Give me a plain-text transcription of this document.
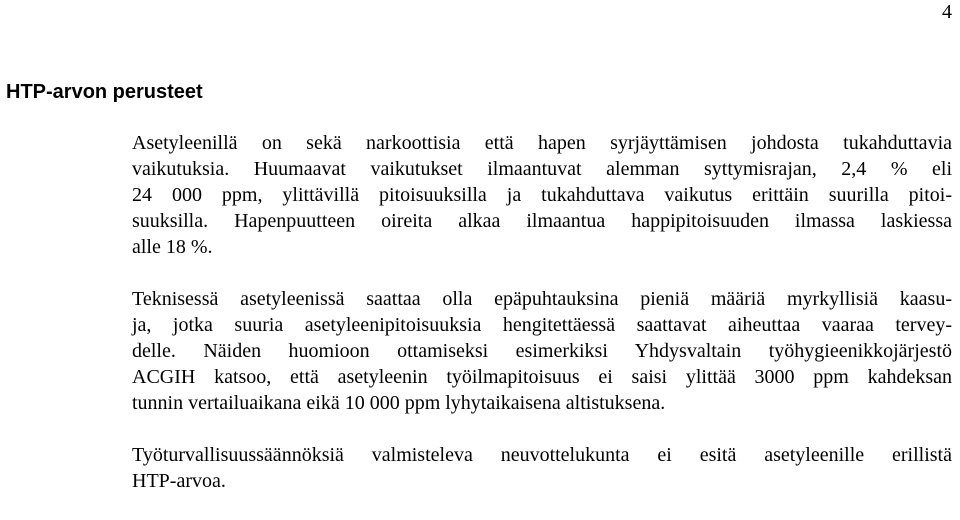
4
HTP-arvon perusteet

Asetyleenillä on sekä narkoottisia että hapen syrjäyttämisen johdosta tukahduttavia
vaikutuksia. Huumaavat vaikutukset ilmaantuvat alemman syttymisrajan, 2,4 % eli
24 000 ppm, ylittävillä pitoisuuksilla ja tukahduttava vaikutus erittäin suurilla pitoi-
suuksilla. Hapenpuutteen oireita alkaa ilmaantua happipitoisuuden ilmassa laskiessa
alle 18 %.

Teknisessä asetyleenissä saattaa olla epäpuhtauksina pieniä määriä myrkyllisiä kaasu-
ja, jotka suuria asetyleenipitoisuuksia hengitettäessä saattavat aiheuttaa vaaraa tervey-
delle. Näiden huomioon ottamiseksi esimerkiksi Yhdysvaltain työhygieenikkojärjestö
ACGIH katsoo, että asetyleenin työilmapitoisuus ei saisi ylittää 3000 ppm kahdeksan
tunnin vertailuaikana eikä 10 000 ppm lyhytaikaisena altistuksena.

Työturvallisuussäännöksiä valmisteleva neuvottelukunta ei esitä asetyleenille erillistä
HTP-arvoa.
